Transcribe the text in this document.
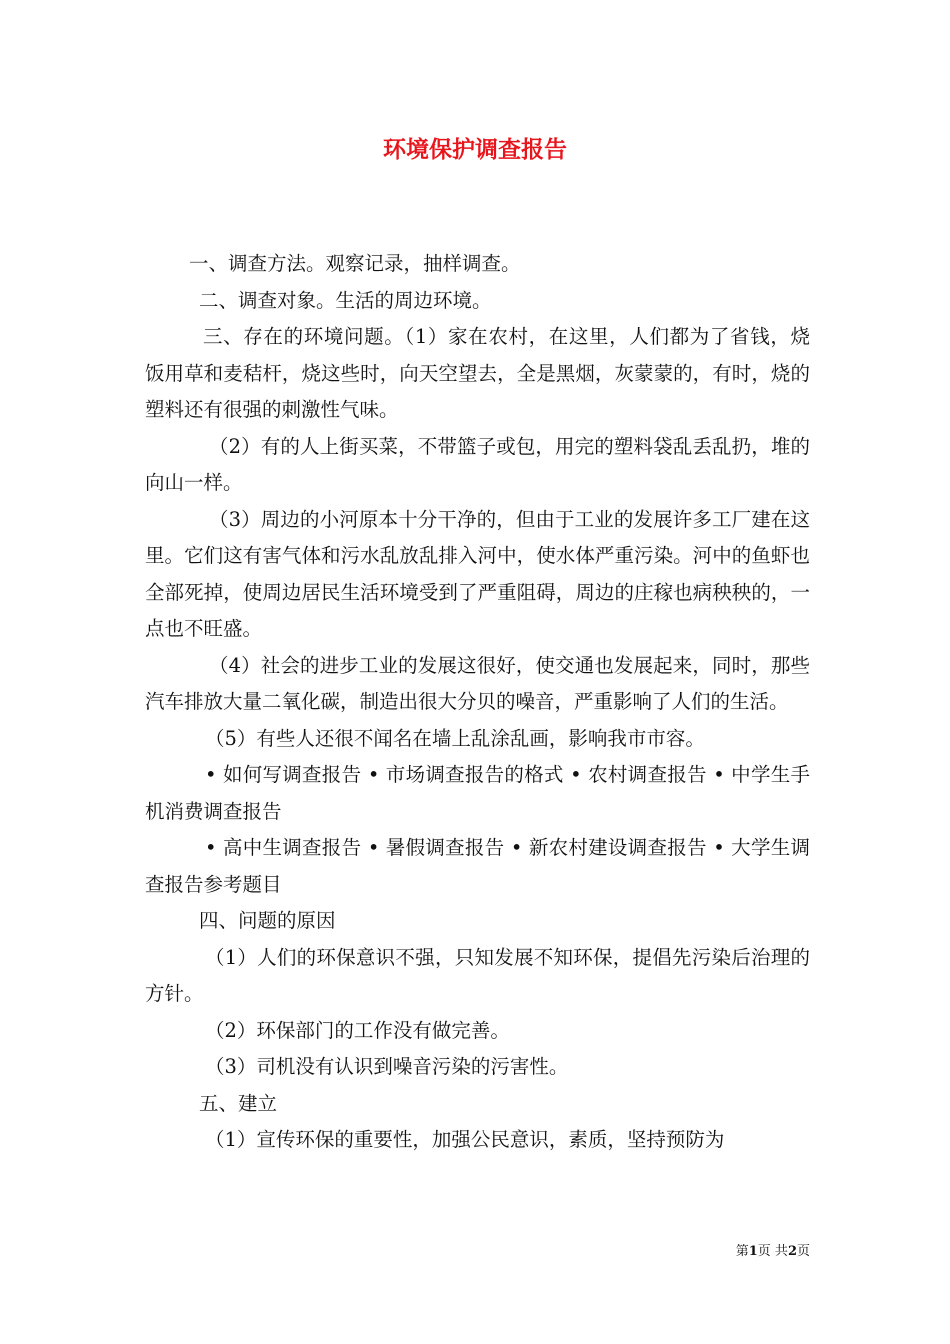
环境保护调查报告

一、调查方法。观察记录，抽样调查。

二、调查对象。生活的周边环境。

三、存在的环境问题。（1）家在农村，在这里，人们都为了省钱，烧饭用草和麦秸杆，烧这些时，向天空望去，全是黑烟，灰蒙蒙的，有时，烧的塑料还有很强的刺激性气味。

（2）有的人上街买菜，不带篮子或包，用完的塑料袋乱丢乱扔，堆的向山一样。

（3）周边的小河原本十分干净的，但由于工业的发展许多工厂建在这里。它们这有害气体和污水乱放乱排入河中，使水体严重污染。河中的鱼虾也全部死掉，使周边居民生活环境受到了严重阻碍，周边的庄稼也病秧秧的，一点也不旺盛。

（4）社会的进步工业的发展这很好，使交通也发展起来，同时，那些汽车排放大量二氧化碳，制造出很大分贝的噪音，严重影响了人们的生活。

（5）有些人还很不闻名在墙上乱涂乱画，影响我市市容。

• 如何写调查报告 • 市场调查报告的格式 • 农村调查报告 • 中学生手机消费调查报告

• 高中生调查报告 • 暑假调查报告 • 新农村建设调查报告 • 大学生调查报告参考题目

四、问题的原因

（1）人们的环保意识不强，只知发展不知环保，提倡先污染后治理的方针。

（2）环保部门的工作没有做完善。

（3）司机没有认识到噪音污染的污害性。

五、建立

（1）宣传环保的重要性，加强公民意识，素质，坚持预防为

第1页 共2页
